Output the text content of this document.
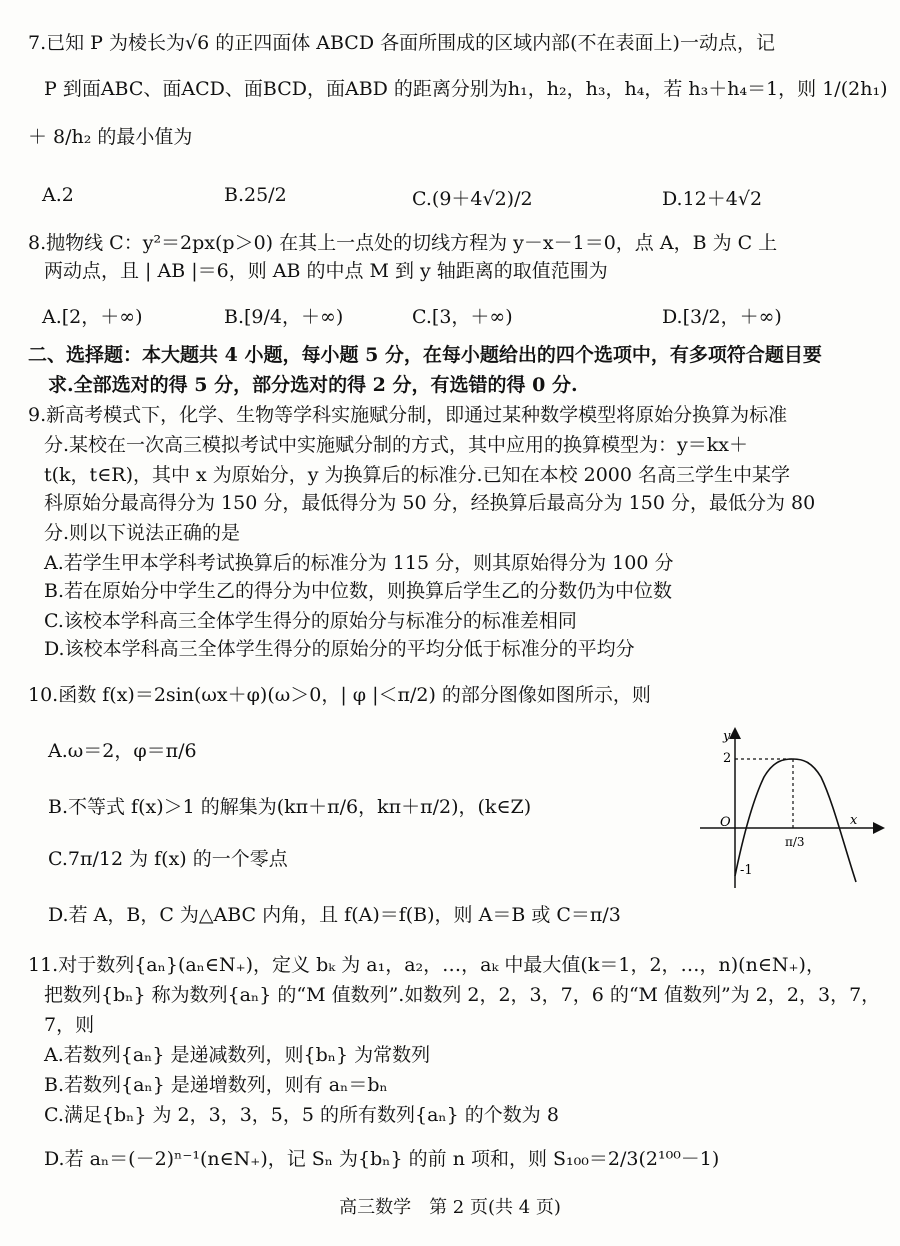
7.已知 P 为棱长为√6 的正四面体 ABCD 各面所围成的区域内部(不在表面上)一动点，记
P 到面ABC、面ACD、面BCD，面ABD 的距离分别为h₁，h₂，h₃，h₄，若 h₃＋h₄＝1，则 1/(2h₁)
＋ 8/h₂ 的最小值为
A.2	B.25/2	C.(9＋4√2)/2	D.12＋4√2
8.抛物线 C：y²＝2px(p＞0) 在其上一点处的切线方程为 y－x－1＝0，点 A，B 为 C 上
两动点，且 | AB |＝6，则 AB 的中点 M 到 y 轴距离的取值范围为
A.[2，＋∞)	B.[9/4，＋∞)	C.[3，＋∞)	D.[3/2，＋∞)
二、选择题：本大题共 4 小题，每小题 5 分，在每小题给出的四个选项中，有多项符合题目要
求.全部选对的得 5 分，部分选对的得 2 分，有选错的得 0 分.
9.新高考模式下，化学、生物等学科实施赋分制，即通过某种数学模型将原始分换算为标准
分.某校在一次高三模拟考试中实施赋分制的方式，其中应用的换算模型为：y＝kx＋
t(k，t∈R)，其中 x 为原始分，y 为换算后的标准分.已知在本校 2000 名高三学生中某学
科原始分最高得分为 150 分，最低得分为 50 分，经换算后最高分为 150 分，最低分为 80
分.则以下说法正确的是
A.若学生甲本学科考试换算后的标准分为 115 分，则其原始得分为 100 分
B.若在原始分中学生乙的得分为中位数，则换算后学生乙的分数仍为中位数
C.该校本学科高三全体学生得分的原始分与标准分的标准差相同
D.该校本学科高三全体学生得分的原始分的平均分低于标准分的平均分
10.函数 f(x)＝2sin(ωx＋φ)(ω＞0，| φ |＜π/2) 的部分图像如图所示，则
A.ω＝2，φ＝π/6
B.不等式 f(x)＞1 的解集为(kπ＋π/6，kπ＋π/2)，(k∈Z)
C.7π/12 为 f(x) 的一个零点
D.若 A，B，C 为△ABC 内角，且 f(A)＝f(B)，则 A＝B 或 C＝π/3
y
x
O
2
-1
π/3
11.对于数列{aₙ}(aₙ∈N₊)，定义 bₖ 为 a₁，a₂，…，aₖ 中最大值(k＝1，2，…，n)(n∈N₊)，
把数列{bₙ} 称为数列{aₙ} 的“M 值数列”.如数列 2，2，3，7，6 的“M 值数列”为 2，2，3，7，
7，则
A.若数列{aₙ} 是递减数列，则{bₙ} 为常数列
B.若数列{aₙ} 是递增数列，则有 aₙ＝bₙ
C.满足{bₙ} 为 2，3，3，5，5 的所有数列{aₙ} 的个数为 8
D.若 aₙ＝(－2)ⁿ⁻¹(n∈N₊)，记 Sₙ 为{bₙ} 的前 n 项和，则 S₁₀₀＝2/3(2¹⁰⁰－1)
高三数学　第 2 页(共 4 页)
